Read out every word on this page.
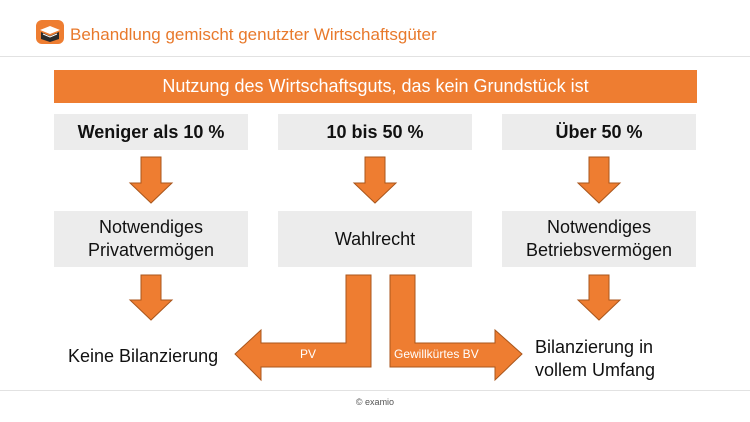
Behandlung gemischt genutzter Wirtschaftsgüter
Nutzung des Wirtschaftsguts, das kein Grundstück ist
Weniger als 10 %	10 bis 50 %	Über 50 %
Notwendiges
Privatvermögen
Wahlrecht
Notwendiges
Betriebsvermögen
PV	Gewillkürtes BV
Keine Bilanzierung	Bilanzierung in
vollem Umfang
© examio
